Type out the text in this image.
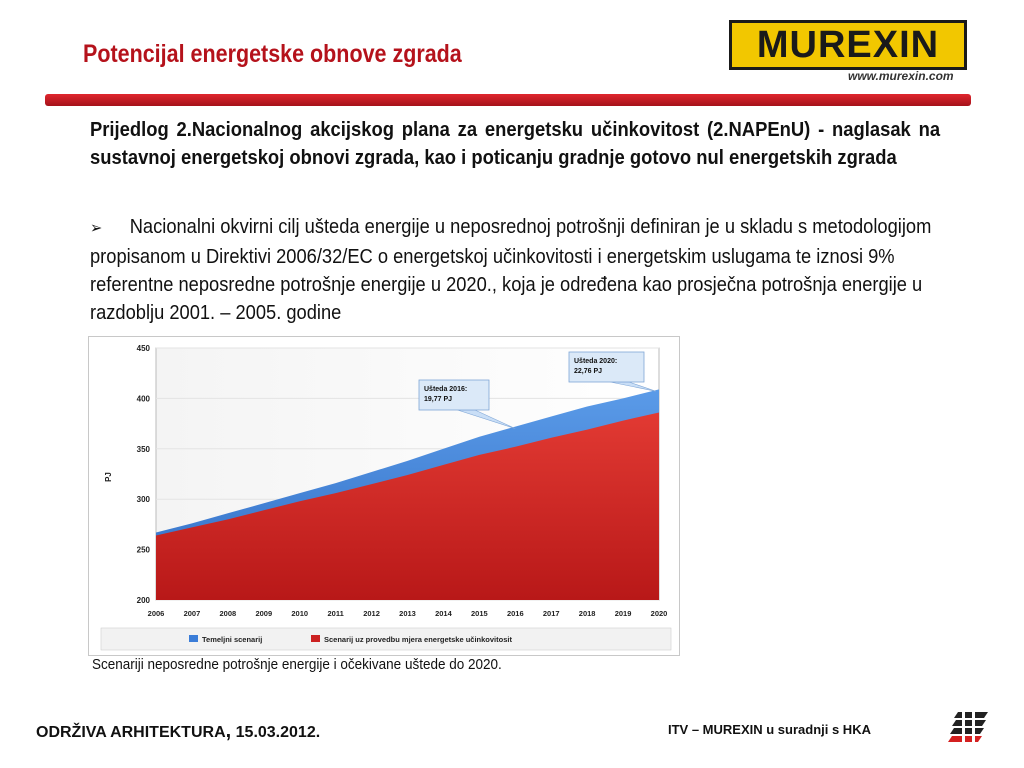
Potencijal energetske obnove zgrada	MUREXIN
www.murexin.com
Prijedlog 2.Nacionalnog akcijskog plana za energetsku učinkovitost (2.NAPEnU) - naglasak na sustavnoj energetskoj obnovi zgrada, kao i poticanju gradnje gotovo nul energetskih zgrada
➢ Nacionalni okvirni cilj ušteda energije u neposrednoj potrošnji definiran je u skladu s metodologijom propisanom u Direktivi 2006/32/EC o energetskoj učinkovitosti i energetskim uslugama te iznosi 9% referentne neposredne potrošnje energije u 2020., koja je određena kao prosječna potrošnja energije u razdoblju 2001. – 2005. godine
200
250
300
350
400
450
PJ
2006	2007	2008	2009	2010	2011	2012	2013	2014	2015	2016	2017	2018	2019	2020
Ušteda 2016:
19,77 PJ
Ušteda 2020:
22,76 PJ
Temeljni scenarij	Scenarij uz provedbu mjera energetske učinkovitosit
Scenariji neposredne potrošnje energije i očekivane uštede do 2020.
ODRŽIVA ARHITEKTURA, 15.03.2012.	ITV – MUREXIN u suradnji s HKA
